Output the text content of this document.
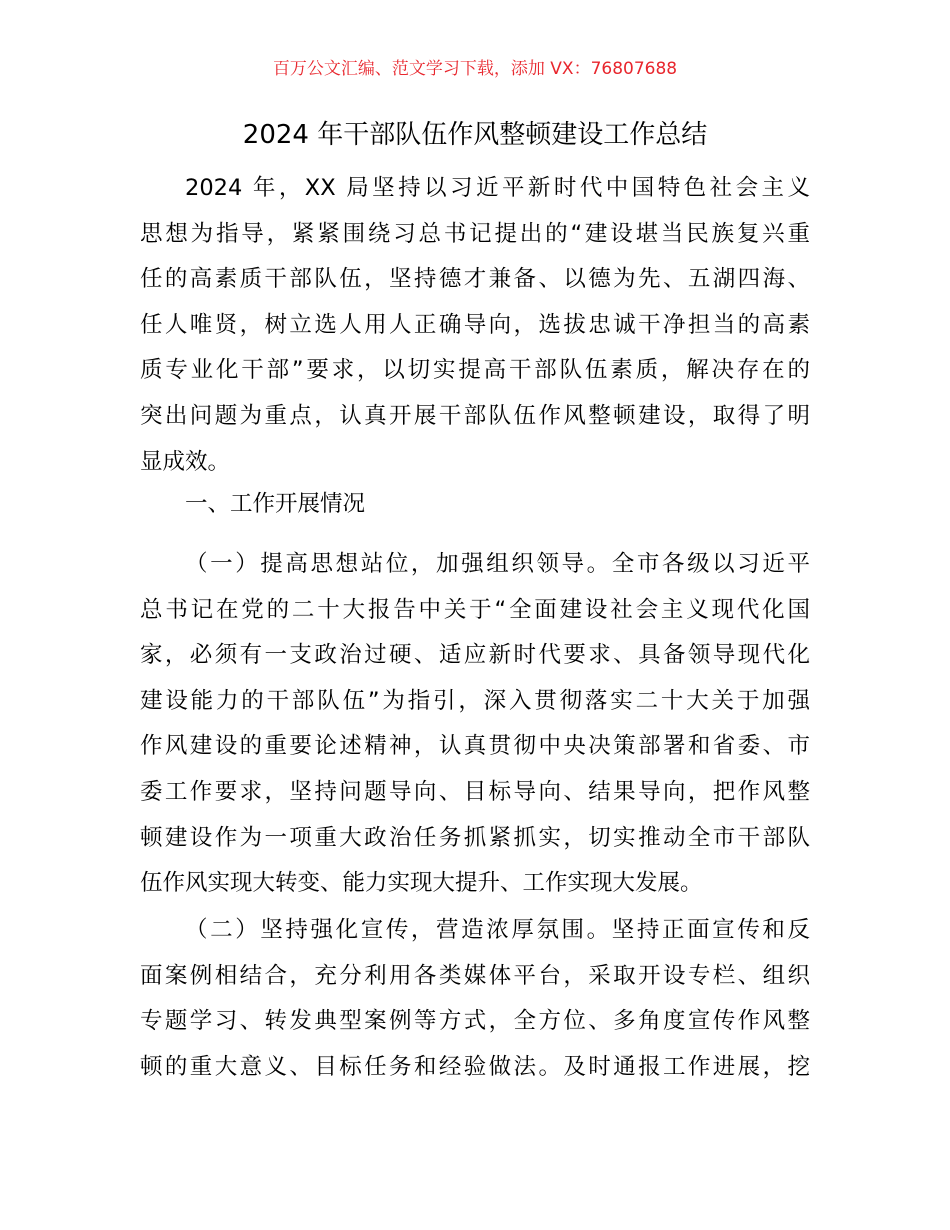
百万公文汇编、范文学习下载，添加 VX：76807688
2024 年干部队伍作风整顿建设工作总结
2024 年，XX 局坚持以习近平新时代中国特色社会主义
思想为指导，紧紧围绕习总书记提出的“建设堪当民族复兴重
任的高素质干部队伍，坚持德才兼备、以德为先、五湖四海、
任人唯贤，树立选人用人正确导向，选拔忠诚干净担当的高素
质专业化干部”要求，以切实提高干部队伍素质，解决存在的
突出问题为重点，认真开展干部队伍作风整顿建设，取得了明
显成效。
一、工作开展情况
（一）提高思想站位，加强组织领导。全市各级以习近平
总书记在党的二十大报告中关于“全面建设社会主义现代化国
家，必须有一支政治过硬、适应新时代要求、具备领导现代化
建设能力的干部队伍”为指引，深入贯彻落实二十大关于加强
作风建设的重要论述精神，认真贯彻中央决策部署和省委、市
委工作要求，坚持问题导向、目标导向、结果导向，把作风整
顿建设作为一项重大政治任务抓紧抓实，切实推动全市干部队
伍作风实现大转变、能力实现大提升、工作实现大发展。
（二）坚持强化宣传，营造浓厚氛围。坚持正面宣传和反
面案例相结合，充分利用各类媒体平台，采取开设专栏、组织
专题学习、转发典型案例等方式，全方位、多角度宣传作风整
顿的重大意义、目标任务和经验做法。及时通报工作进展，挖
